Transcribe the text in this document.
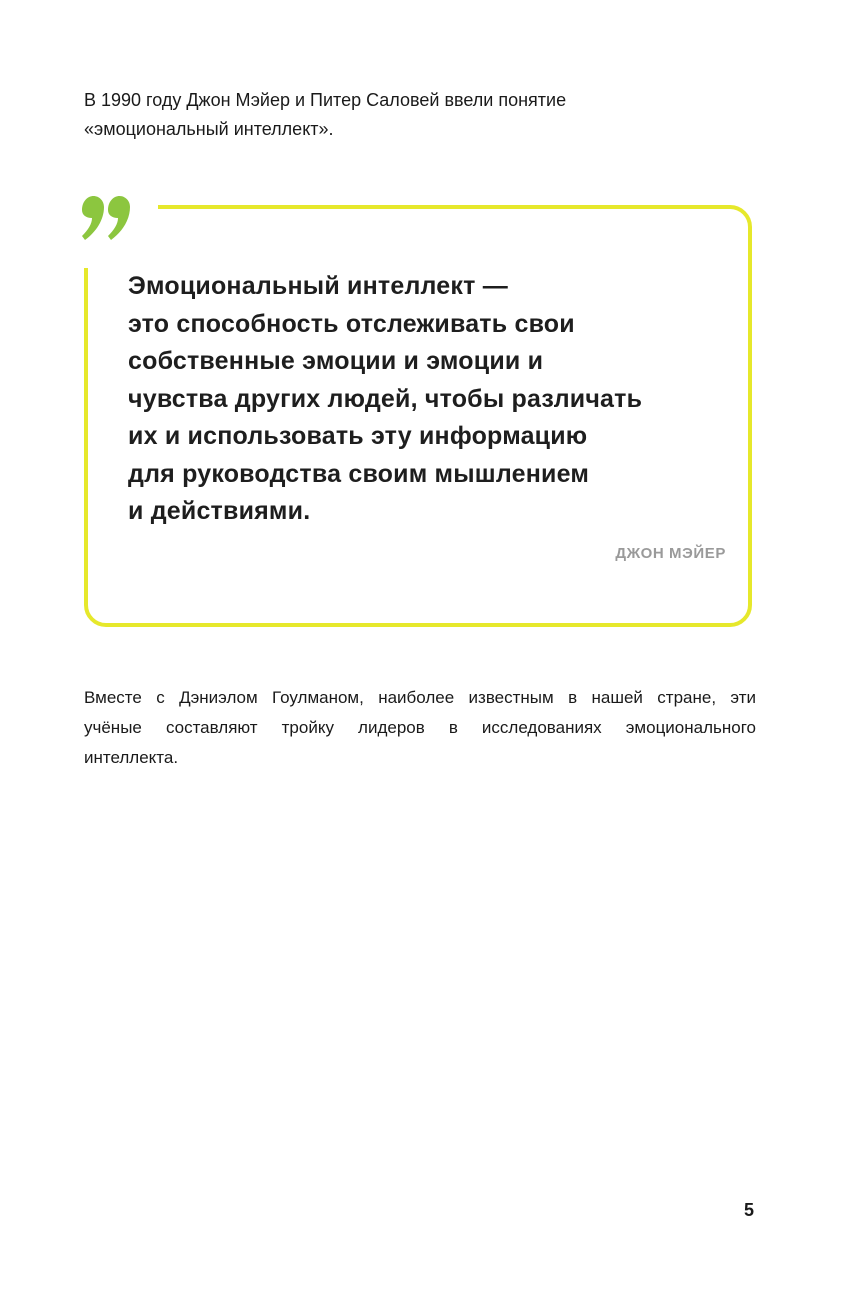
В 1990 году Джон Мэйер и Питер Саловей ввели понятие
«эмоциональный интеллект».

Эмоциональный интеллект —
это способность отслеживать свои
собственные эмоции и эмоции и
чувства других людей, чтобы различать
их и использовать эту информацию
для руководства своим мышлением
и действиями.

ДЖОН МЭЙЕР

Вместе с Дэниэлом Гоулманом, наиболее известным в нашей стране, эти
учёные составляют тройку лидеров в исследованиях эмоционального
интеллекта.

5
